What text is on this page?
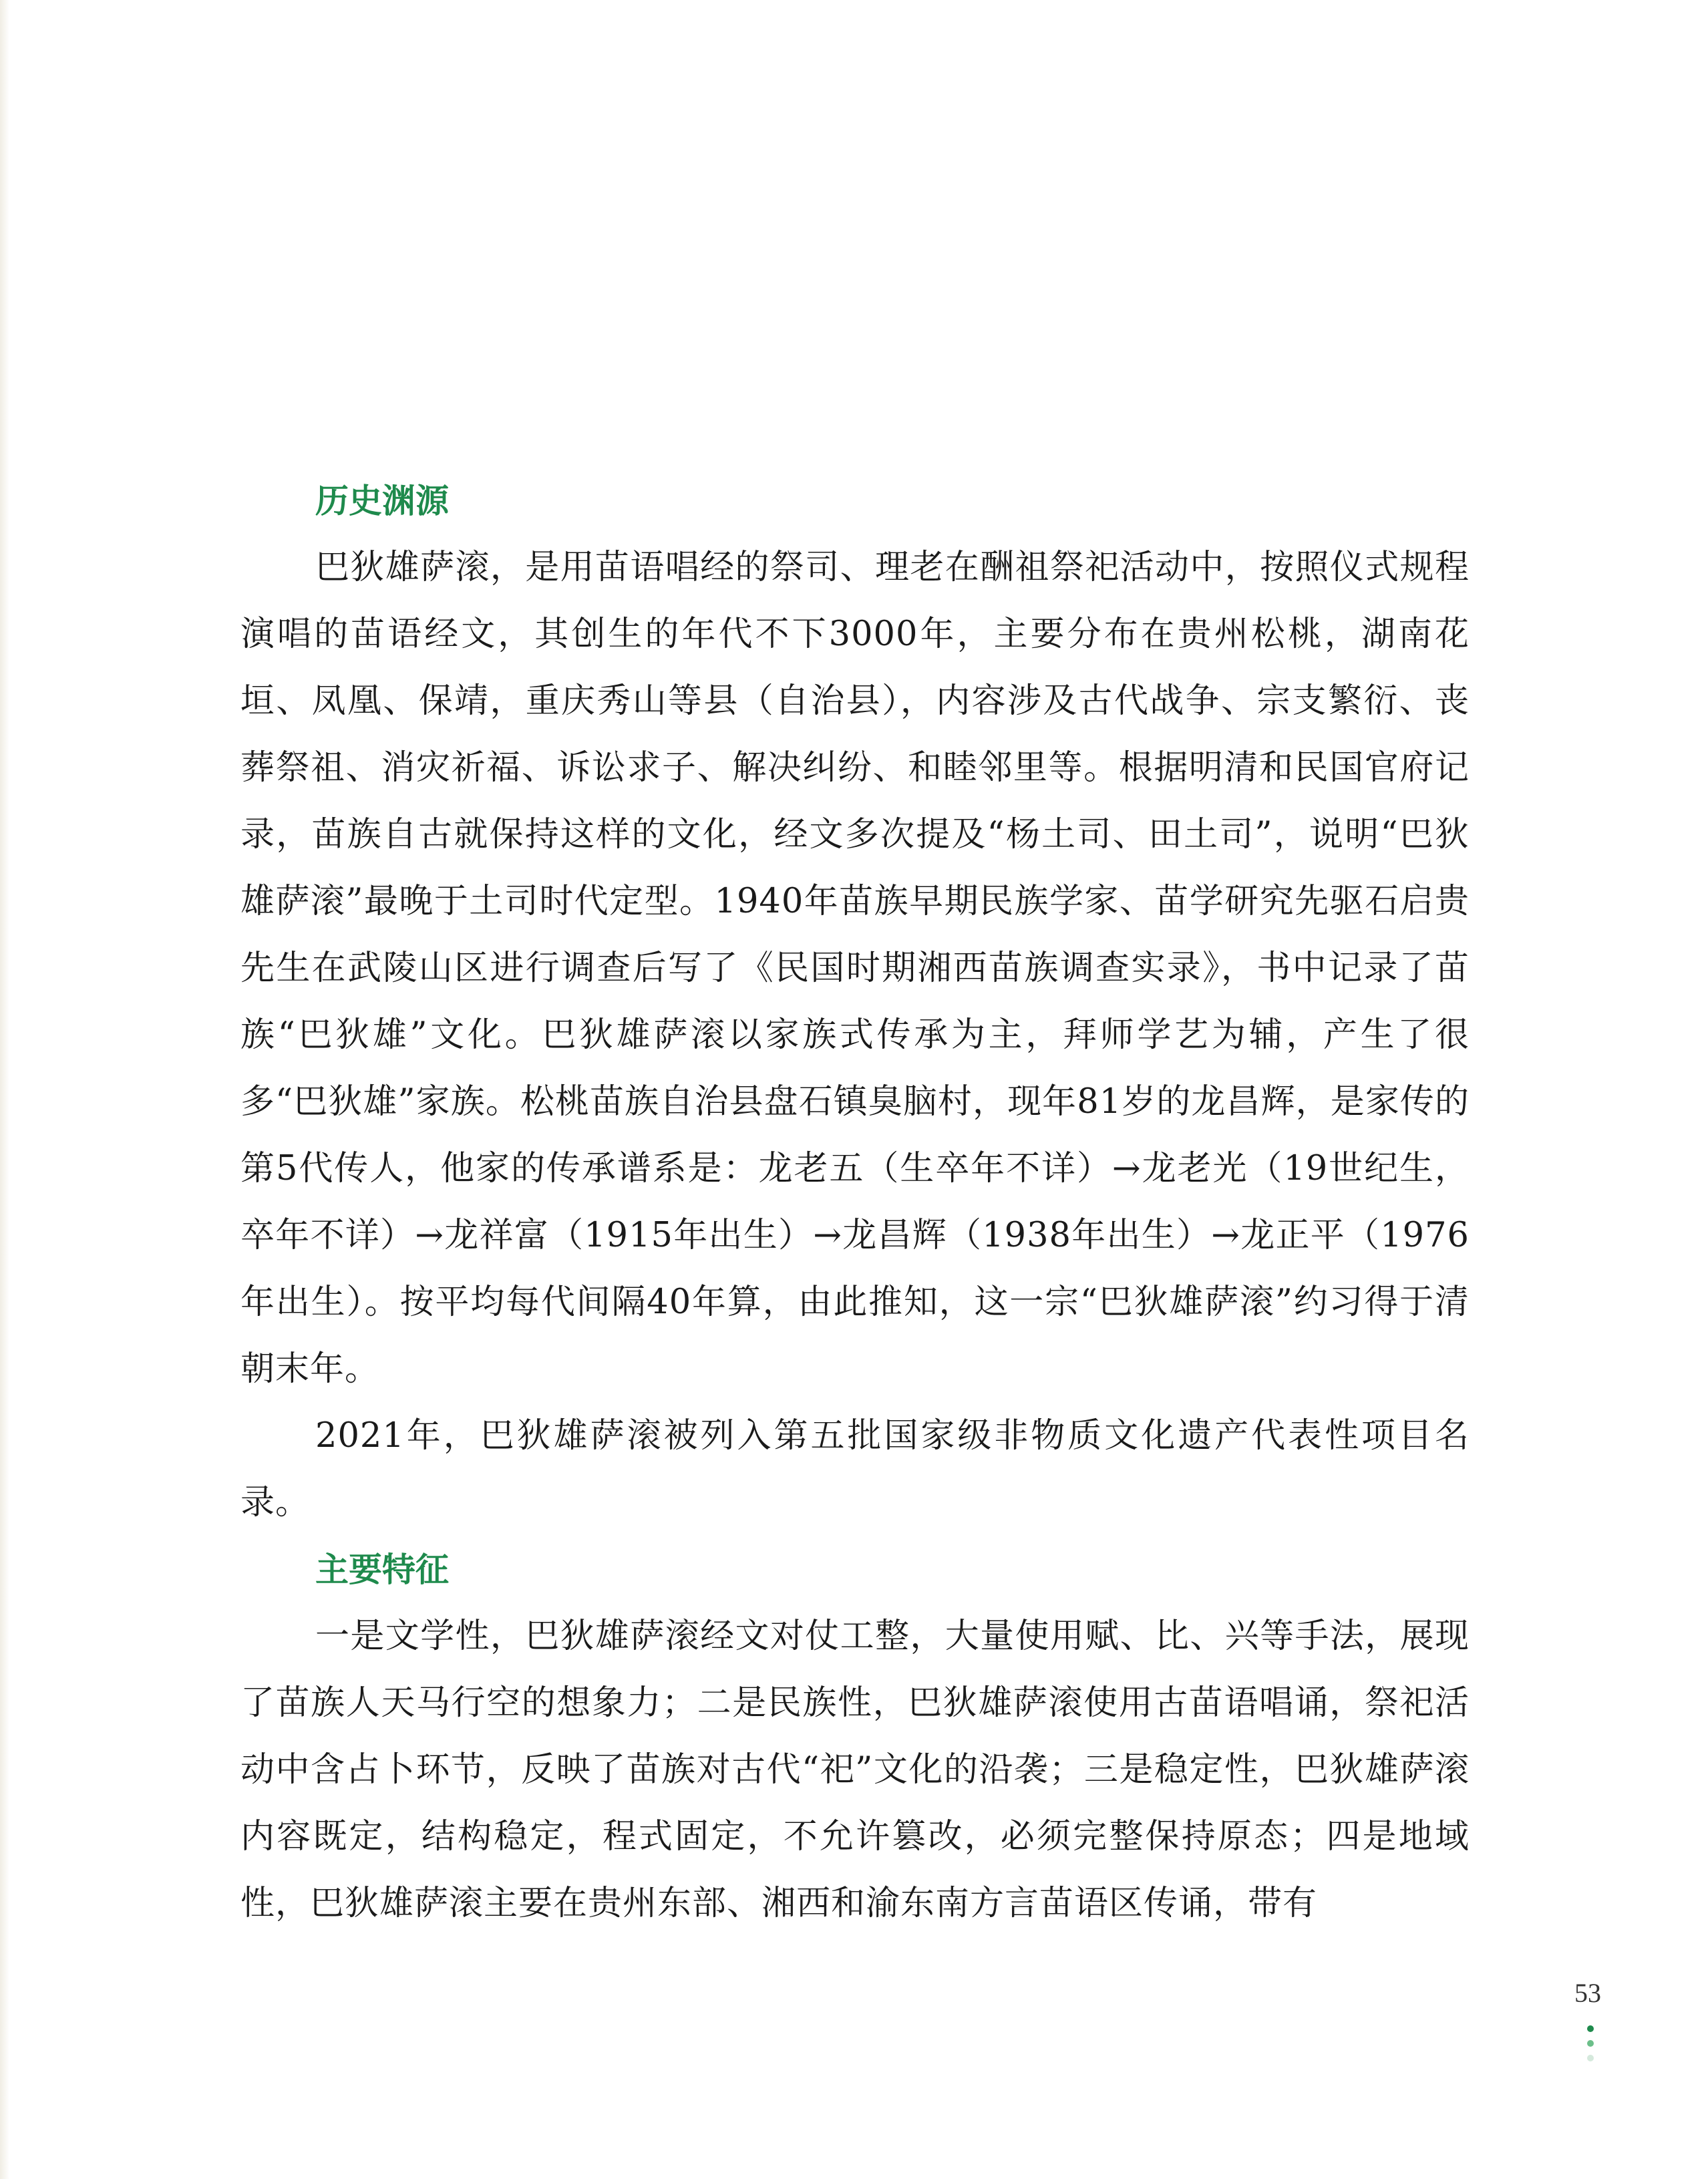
历史渊源

巴狄雄萨滚，是用苗语唱经的祭司、理老在酬祖祭祀活动中，按照仪式规程演唱的苗语经文，其创生的年代不下3000年，主要分布在贵州松桃，湖南花垣、凤凰、保靖，重庆秀山等县（自治县），内容涉及古代战争、宗支繁衍、丧葬祭祖、消灾祈福、诉讼求子、解决纠纷、和睦邻里等。根据明清和民国官府记录，苗族自古就保持这样的文化，经文多次提及“杨土司、田土司”，说明“巴狄雄萨滚”最晚于土司时代定型。1940年苗族早期民族学家、苗学研究先驱石启贵先生在武陵山区进行调查后写了《民国时期湘西苗族调查实录》，书中记录了苗族“巴狄雄”文化。巴狄雄萨滚以家族式传承为主，拜师学艺为辅，产生了很多“巴狄雄”家族。松桃苗族自治县盘石镇臭脑村，现年81岁的龙昌辉，是家传的第5代传人，他家的传承谱系是：龙老五（生卒年不详）→龙老光（19世纪生，卒年不详）→龙祥富（1915年出生）→龙昌辉（1938年出生）→龙正平（1976年出生）。按平均每代间隔40年算，由此推知，这一宗“巴狄雄萨滚”约习得于清朝末年。

2021年，巴狄雄萨滚被列入第五批国家级非物质文化遗产代表性项目名录。

主要特征

一是文学性，巴狄雄萨滚经文对仗工整，大量使用赋、比、兴等手法，展现了苗族人天马行空的想象力；二是民族性，巴狄雄萨滚使用古苗语唱诵，祭祀活动中含占卜环节，反映了苗族对古代“祀”文化的沿袭；三是稳定性，巴狄雄萨滚内容既定，结构稳定，程式固定，不允许篡改，必须完整保持原态；四是地域性，巴狄雄萨滚主要在贵州东部、湘西和渝东南方言苗语区传诵，带有

53
